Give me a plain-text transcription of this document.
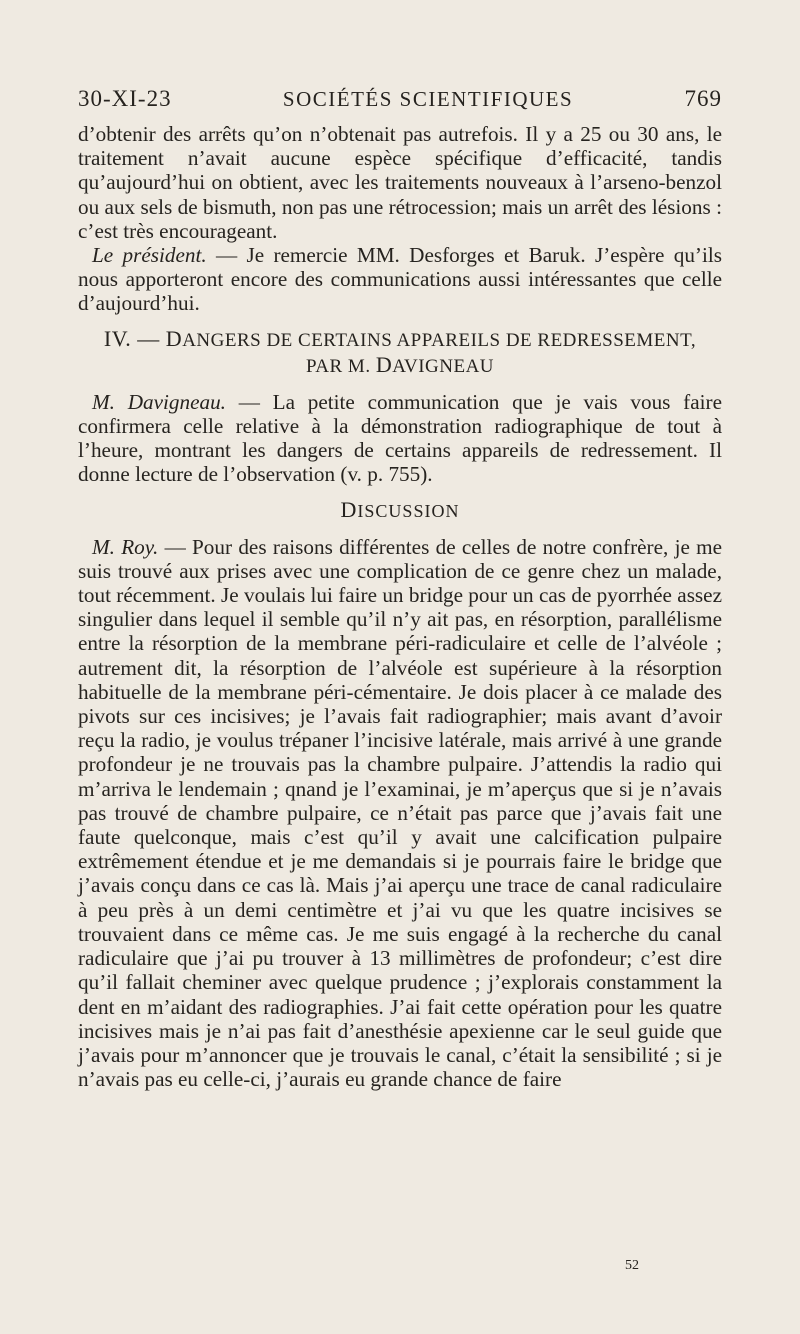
30-XI-23	SOCIÉTÉS SCIENTIFIQUES	769

d’obtenir des arrêts qu’on n’obtenait pas autrefois. Il y a 25 ou 30 ans, le traitement n’avait aucune espèce spécifique d’efficacité, tandis qu’aujourd’hui on obtient, avec les traitements nouveaux à l’arseno-benzol ou aux sels de bismuth, non pas une rétrocession; mais un arrêt des lésions : c’est très encourageant.

Le président. — Je remercie MM. Desforges et Baruk. J’espère qu’ils nous apporteront encore des communications aussi intéressantes que celle d’aujourd’hui.

IV. — DANGERS DE CERTAINS APPAREILS DE REDRESSEMENT,
PAR M. DAVIGNEAU

M. Davigneau. — La petite communication que je vais vous faire confirmera celle relative à la démonstration radiographique de tout à l’heure, montrant les dangers de certains appareils de redressement. Il donne lecture de l’observation (v. p. 755).

DISCUSSION

M. Roy. — Pour des raisons différentes de celles de notre confrère, je me suis trouvé aux prises avec une complication de ce genre chez un malade, tout récemment. Je voulais lui faire un bridge pour un cas de pyorrhée assez singulier dans lequel il semble qu’il n’y ait pas, en résorption, parallélisme entre la résorption de la membrane péri-radiculaire et celle de l’alvéole ; autrement dit, la résorption de l’alvéole est supérieure à la résorption habituelle de la membrane péri-cémentaire. Je dois placer à ce malade des pivots sur ces incisives; je l’avais fait radiographier; mais avant d’avoir reçu la radio, je voulus trépaner l’incisive latérale, mais arrivé à une grande profondeur je ne trouvais pas la chambre pulpaire. J’attendis la radio qui m’arriva le lendemain ; qnand je l’examinai, je m’aperçus que si je n’avais pas trouvé de chambre pulpaire, ce n’était pas parce que j’avais fait une faute quelconque, mais c’est qu’il y avait une calcification pulpaire extrêmement étendue et je me demandais si je pourrais faire le bridge que j’avais conçu dans ce cas là. Mais j’ai aperçu une trace de canal radiculaire à peu près à un demi centimètre et j’ai vu que les quatre incisives se trouvaient dans ce même cas. Je me suis engagé à la recherche du canal radiculaire que j’ai pu trouver à 13 millimètres de profondeur; c’est dire qu’il fallait cheminer avec quelque prudence ; j’explorais constamment la dent en m’aidant des radiographies. J’ai fait cette opération pour les quatre incisives mais je n’ai pas fait d’anesthésie apexienne car le seul guide que j’avais pour m’annoncer que je trouvais le canal, c’était la sensibilité ; si je n’avais pas eu celle-ci, j’aurais eu grande chance de faire

52
